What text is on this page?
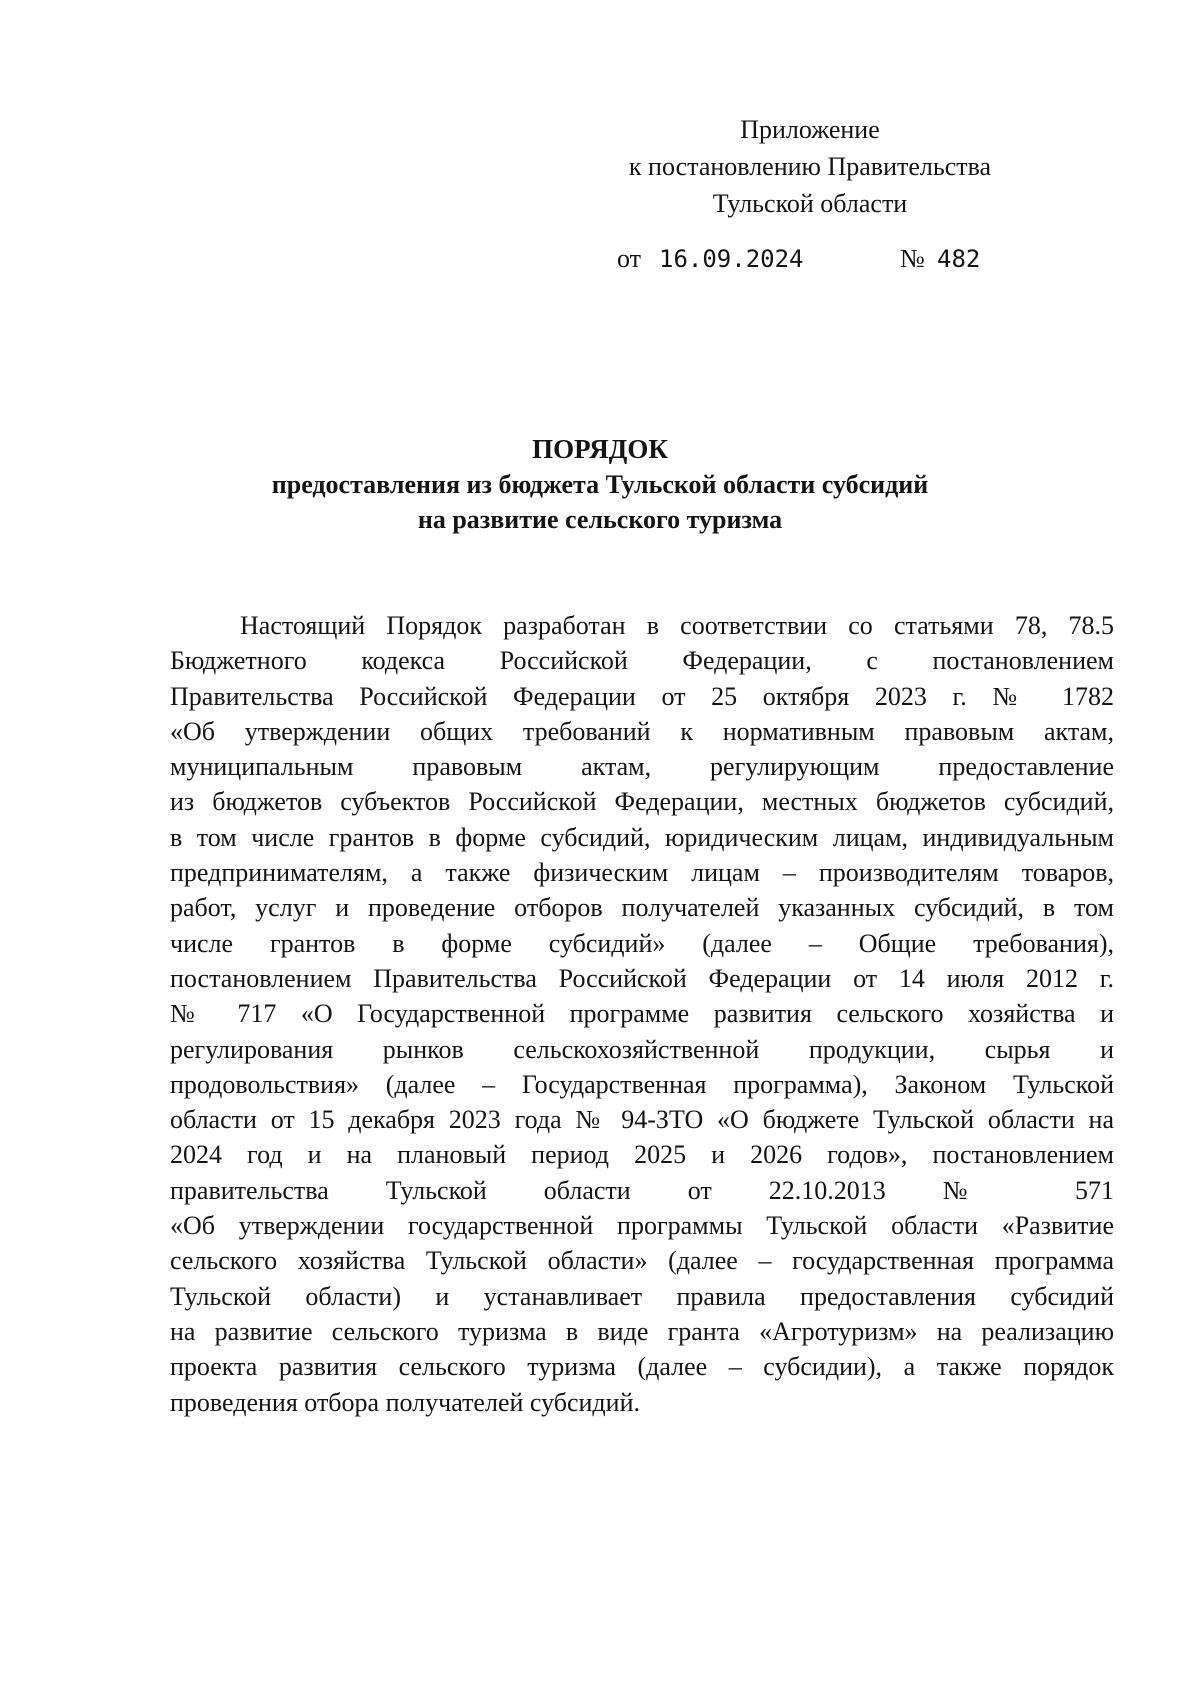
Приложение
к постановлению Правительства
Тульской области
от 16.09.2024	№ 482
ПОРЯДОК
предоставления из бюджета Тульской области субсидий
на развитие сельского туризма
Настоящий Порядок разработан в соответствии со статьями 78, 78.5
Бюджетного кодекса Российской Федерации, с постановлением
Правительства Российской Федерации от 25 октября 2023 г. № 1782
«Об утверждении общих требований к нормативным правовым актам,
муниципальным правовым актам, регулирующим предоставление
из бюджетов субъектов Российской Федерации, местных бюджетов субсидий,
в том числе грантов в форме субсидий, юридическим лицам, индивидуальным
предпринимателям, а также физическим лицам – производителям товаров,
работ, услуг и проведение отборов получателей указанных субсидий, в том
числе грантов в форме субсидий» (далее – Общие требования),
постановлением Правительства Российской Федерации от 14 июля 2012 г.
№ 717 «О Государственной программе развития сельского хозяйства и
регулирования рынков сельскохозяйственной продукции, сырья и
продовольствия» (далее – Государственная программа), Законом Тульской
области от 15 декабря 2023 года № 94-ЗТО «О бюджете Тульской области на
2024 год и на плановый период 2025 и 2026 годов», постановлением
правительства Тульской области от 22.10.2013 № 571
«Об утверждении государственной программы Тульской области «Развитие
сельского хозяйства Тульской области» (далее – государственная программа
Тульской области) и устанавливает правила предоставления субсидий
на развитие сельского туризма в виде гранта «Агротуризм» на реализацию
проекта развития сельского туризма (далее – субсидии), а также порядок
проведения отбора получателей субсидий.
